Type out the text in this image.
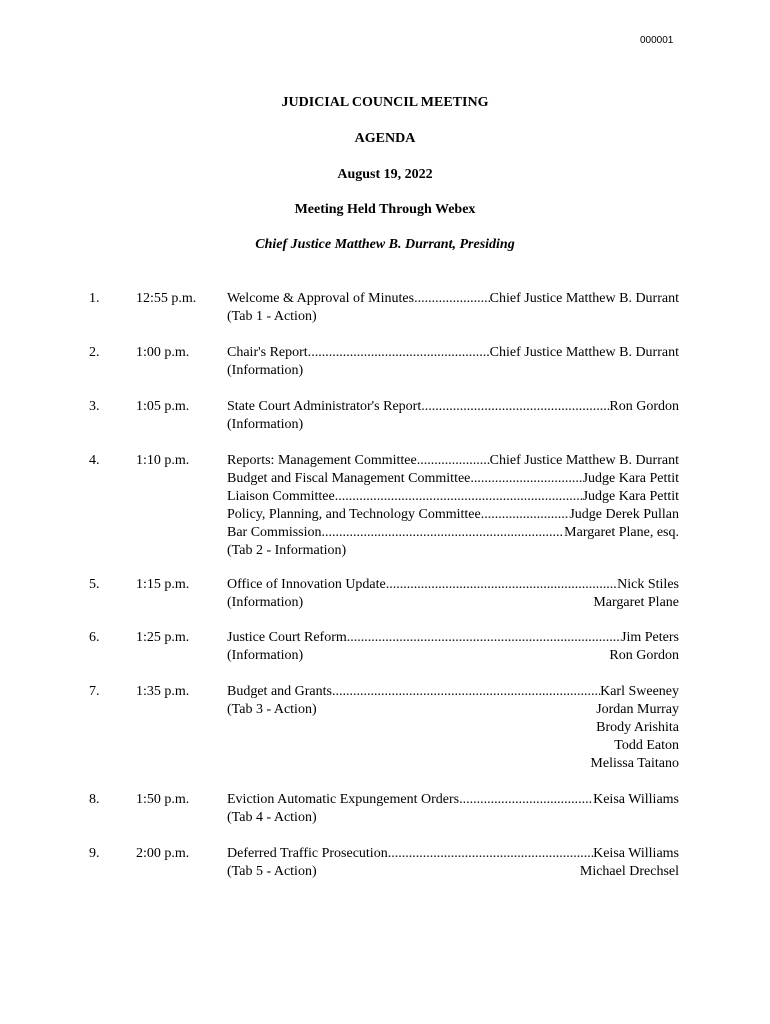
000001
JUDICIAL COUNCIL MEETING
AGENDA
August 19, 2022
Meeting Held Through Webex
Chief Justice Matthew B. Durrant, Presiding
1.	12:55 p.m. Welcome & Approval of Minutes .....	Chief Justice Matthew B. Durrant
(Tab 1 - Action)
2.	1:00 p.m.	Chair's Report. .....	Chief Justice Matthew B. Durrant
(Information)
3.	1:05 p.m.	State Court Administrator's Report .....	Ron Gordon
(Information)
4.	1:10 p.m.	Reports: Management Committee .....	Chief Justice Matthew B. Durrant
Budget and Fiscal Management Committee .....	Judge Kara Pettit
Liaison Committee .....	Judge Kara Pettit
Policy, Planning, and Technology Committee .....	Judge Derek Pullan
Bar Commission .....	Margaret Plane, esq.
(Tab 2 - Information)
5.	1:15 p.m.	Office of Innovation Update .....	Nick Stiles
(Information)	Margaret Plane
6.	1:25 p.m.	Justice Court Reform .....	Jim Peters
(Information)	Ron Gordon
7.	1:35 p.m.	Budget and Grants .....	Karl Sweeney
(Tab 3 - Action)	Jordan Murray
Brody Arishita
Todd Eaton
Melissa Taitano
8.	1:50 p.m.	Eviction Automatic Expungement Orders .....	Keisa Williams
(Tab 4 - Action)
9.	2:00 p.m.	Deferred Traffic Prosecution .....	Keisa Williams
(Tab 5 - Action)	Michael Drechsel
